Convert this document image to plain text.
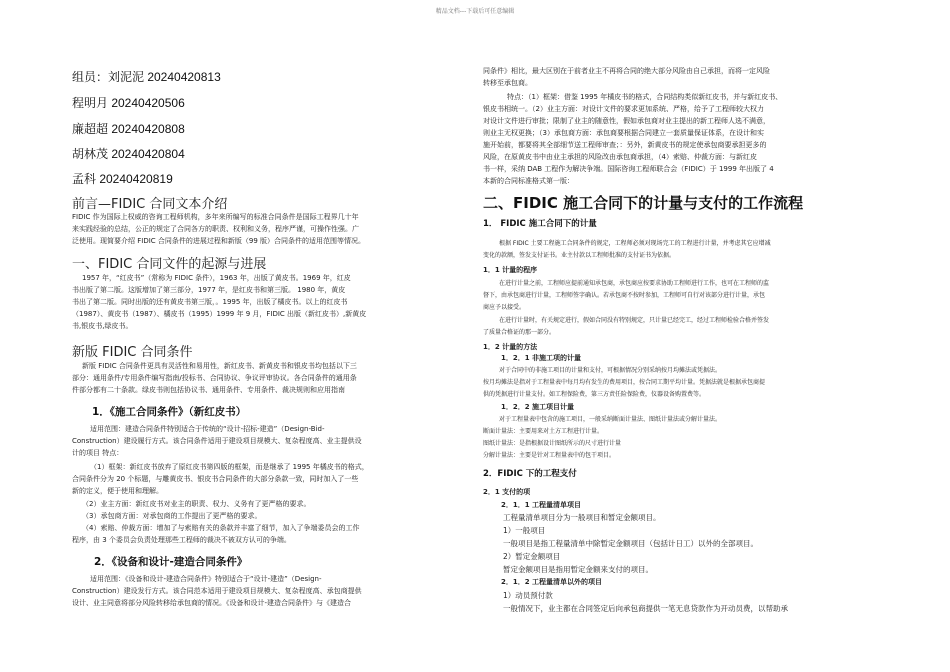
精品文档---下载后可任意编辑
组员：刘泥泥 20240420813
程明月 20240420506
廉超超 20240420808
胡林茂 20240420804
孟科 20240420819
前言—FIDIC 合同文本介绍
FIDIC 作为国际上权威的咨询工程师机构，多年来所编写的标准合同条件是国际工程界几十年
来实践经验的总结，公正的规定了合同各方的职责、权利和义务，程序严谨，可操作性强。广
泛使用。现简要介绍 FIDIC 合同条件的进展过程和新版（99 版）合同条件的适用范围等情况。
一、FIDIC 合同文件的起源与进展
1957 年，“红皮书”（常称为 FIDIC 条件），1963 年，出版了黄皮书。1969 年，红皮
书出版了第二版。这版增加了第三部分，1977 年，是红皮书和第三版。 1980 年，黄皮
书出了第二版。同时出版的还有黄皮书第三版，。1995 年，出版了橘皮书。以上的红皮书
（1987）、黄皮书（1987）、橘皮书（1995）1999 年 9 月，FIDIC 出版（新红皮书）,新黄皮
书,银皮书,绿皮书。
新版 FIDIC 合同条件
新版 FIDIC 合同条件更具有灵活性和易用性，新红皮书、新黄皮书和银皮书均包括以下三
部分：通用条件/专用条件编写指南/投标书、合同协议、争议评审协议。各合同条件的通用条
件部分都有二十条款。绿皮书则包括协议书、通用条件、专用条件、裁决规则和应用指南
1．《施工合同条件》（新红皮书）
适用范围：建造合同条件特别适合于传统的“设计-招标-建造”（Design-Bid-
Construction）建设履行方式。该合同条件适用于建设项目规模大、复杂程度高、业主提供设
计的项目 特点：
（1）框架：新红皮书放弃了原红皮书第四版的框架，而是继承了 1995 年橘皮书的格式，
合同条件分为 20 个标题，与雕黄皮书、银皮书合同条件的大部分条款一致，同时加入了一些
新的定义，便于使用和理解。
（2）业主方面：新红皮书对业主的职责、权力、义务有了更严格的要求。
（3）承包商方面：对承包商的工作提出了更严格的要求。
（4）索赔、仲裁方面：增加了与索赔有关的条款并丰富了细节，加入了争端委员会的工作
程序，由 3 个委员会负责处理那些工程师的裁决不被双方认可的争端。
2．《设备和设计-建造合同条件》
适用范围：《设备和设计-建造合同条件》特别适合于“设计-建造”（Design-
Construction）建设发行方式。该合同范本适用于建设项目规模大、复杂程度高、承包商提供
设计、业主同意将部分风险转移给承包商的情况。《设备和设计-建造合同条件》与《建造合
同条件》相比，最大区别在于前者业主不再将合同的绝大部分风险由自己承担，而将一定风险
转移至承包商。
特点：（1）框架：借鉴 1995 年橘皮书的格式，合同结构类似新红皮书，并与新红皮书、
银皮书相统一。（2）业主方面：对设计文件的要求更加系统、严格，给予了工程师较大权力
对设计文件进行审批；限制了业主的随意性，假如承包商对业主提出的新工程师人选不满意，
则业主无权更换；（3）承包商方面：承包商要根据合同建立一套质量保证体系，在设计和实
施开始前，都要将其全部细节送工程师审查；：另外，新黄皮书的规定使承包商要承担更多的
风险，在原黄皮书中由业主承担的风险改由承包商承担，（4）索赔、仲裁方面：与新红皮
书一样，采纳 DAB 工程作为解决争端。国际咨询工程师联合会（FIDIC）于 1999 年出版了 4
本新的合同标准格式第一版：
二、FIDIC 施工合同下的计量与支付的工作流程
1． FIDIC 施工合同下的计量
根据 FIDIC 土要工程施工合同条件的规定，工程师必须对现场完工的工程进行计量，并考虑其它应增减
变化的款额，签发支付证书。业主付款以工程师批准的支付证书为依据。
1．1 计量的程序
在进行计量之前，工程师应提前通知承包商，承包商应按要求协助工程师进行工作，也可在工程师的监
督下，由承包商进行计量，工程师签字确认。若承包商不按时参加，工程师可自行对该部分进行计量，承包
商应予以接受。
在进行计量时，有关规定进行，假如合同没有特别规定，只计量已经完工，经过工程师检验合格并签发
了质量合格证的那一部分。
1．2 计量的方法
1．2．1 非施工项的计量
对于合同中的非施工项目的计量和支付，可根据情况分别采纳按月均摊法或凭据法。
按月均摊法是指对于工程量表中每月均有发生的费用项目，按合同工期平均计量。凭据法就是根据承包商提
供的凭据进行计量支付。如工程保险费，第三方责任险保险费，仪器设备购置费等。
1．2．2 施工项目计量
对于工程量表中包含的施工项目，一般采纳断面计量法、图纸计量法或分解计量法。
断面计量法：主要用来对土方工程进行计量。
图纸计量法：是指根据设计图纸所示的尺寸进行计量
分解计量法：主要是针对工程量表中的包干项目。
2．FIDIC 下的工程支付
2．1 支付的项
2．1．1 工程量清单项目
工程量清单项目分为一般项目和暂定金额项目。
1）一般项目
一般项目是指工程量清单中除暂定金额项目（包括计日工）以外的全部项目。
2）暂定金额项目
暂定金额项目是指用暂定金额来支付的项目。
2．1．2 工程量清单以外的项目
1）动员预付款
一般情况下，业主都在合同签定后向承包商提供一笔无息贷款作为开动员费，以帮助承
